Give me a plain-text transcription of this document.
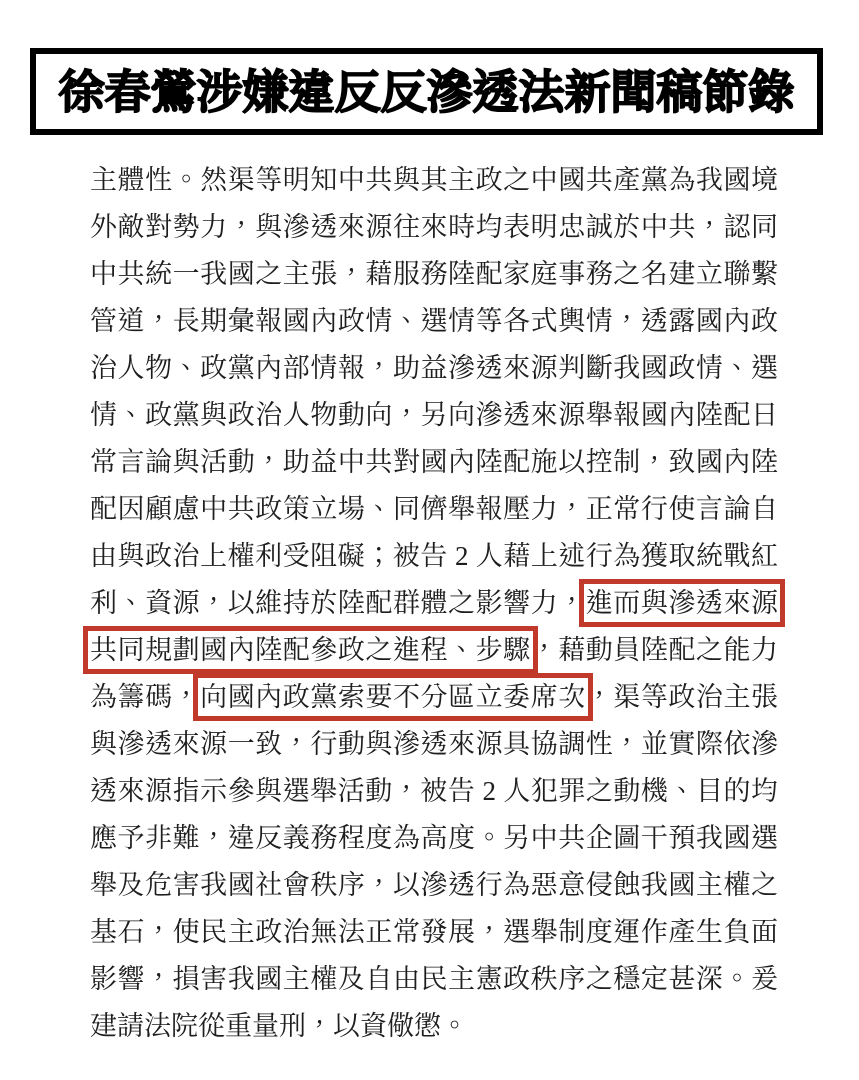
徐春鶯涉嫌違反反滲透法新聞稿節錄
主體性。然渠等明知中共與其主政之中國共產黨為我國境
外敵對勢力，與滲透來源往來時均表明忠誠於中共，認同
中共統一我國之主張，藉服務陸配家庭事務之名建立聯繫
管道，長期彙報國內政情、選情等各式輿情，透露國內政
治人物、政黨內部情報，助益滲透來源判斷我國政情、選
情、政黨與政治人物動向，另向滲透來源舉報國內陸配日
常言論與活動，助益中共對國內陸配施以控制，致國內陸
配因顧慮中共政策立場、同儕舉報壓力，正常行使言論自
由與政治上權利受阻礙；被告 2 人藉上述行為獲取統戰紅
利、資源，以維持於陸配群體之影響力，進而與滲透來源
共同規劃國內陸配參政之進程、步驟，藉動員陸配之能力
為籌碼，向國內政黨索要不分區立委席次，渠等政治主張
與滲透來源一致，行動與滲透來源具協調性，並實際依滲
透來源指示參與選舉活動，被告 2 人犯罪之動機、目的均
應予非難，違反義務程度為高度。另中共企圖干預我國選
舉及危害我國社會秩序，以滲透行為惡意侵蝕我國主權之
基石，使民主政治無法正常發展，選舉制度運作產生負面
影響，損害我國主權及自由民主憲政秩序之穩定甚深。爰
建請法院從重量刑，以資儆懲。
